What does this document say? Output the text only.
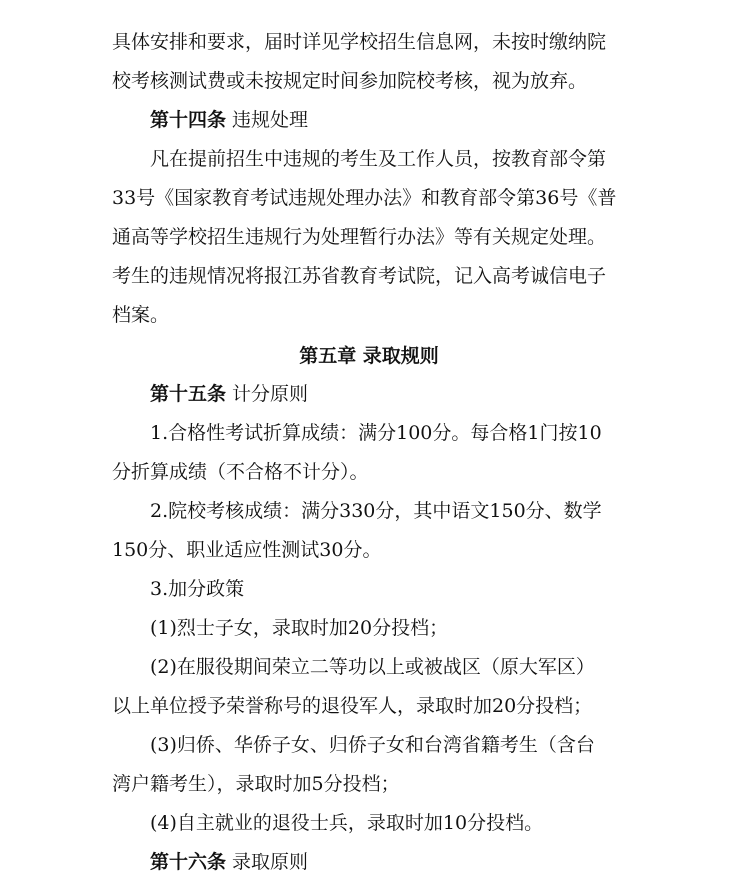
具体安排和要求，届时详见学校招生信息网，未按时缴纳院
校考核测试费或未按规定时间参加院校考核，视为放弃。
第十四条 违规处理
凡在提前招生中违规的考生及工作人员，按教育部令第
33号《国家教育考试违规处理办法》和教育部令第36号《普
通高等学校招生违规行为处理暂行办法》等有关规定处理。
考生的违规情况将报江苏省教育考试院，记入高考诚信电子
档案。
第五章 录取规则
第十五条 计分原则
1.合格性考试折算成绩：满分100分。每合格1门按10
分折算成绩（不合格不计分）。
2.院校考核成绩：满分330分，其中语文150分、数学
150分、职业适应性测试30分。
3.加分政策
(1)烈士子女，录取时加20分投档；
(2)在服役期间荣立二等功以上或被战区（原大军区）
以上单位授予荣誉称号的退役军人，录取时加20分投档；
(3)归侨、华侨子女、归侨子女和台湾省籍考生（含台
湾户籍考生），录取时加5分投档；
(4)自主就业的退役士兵，录取时加10分投档。
第十六条 录取原则
